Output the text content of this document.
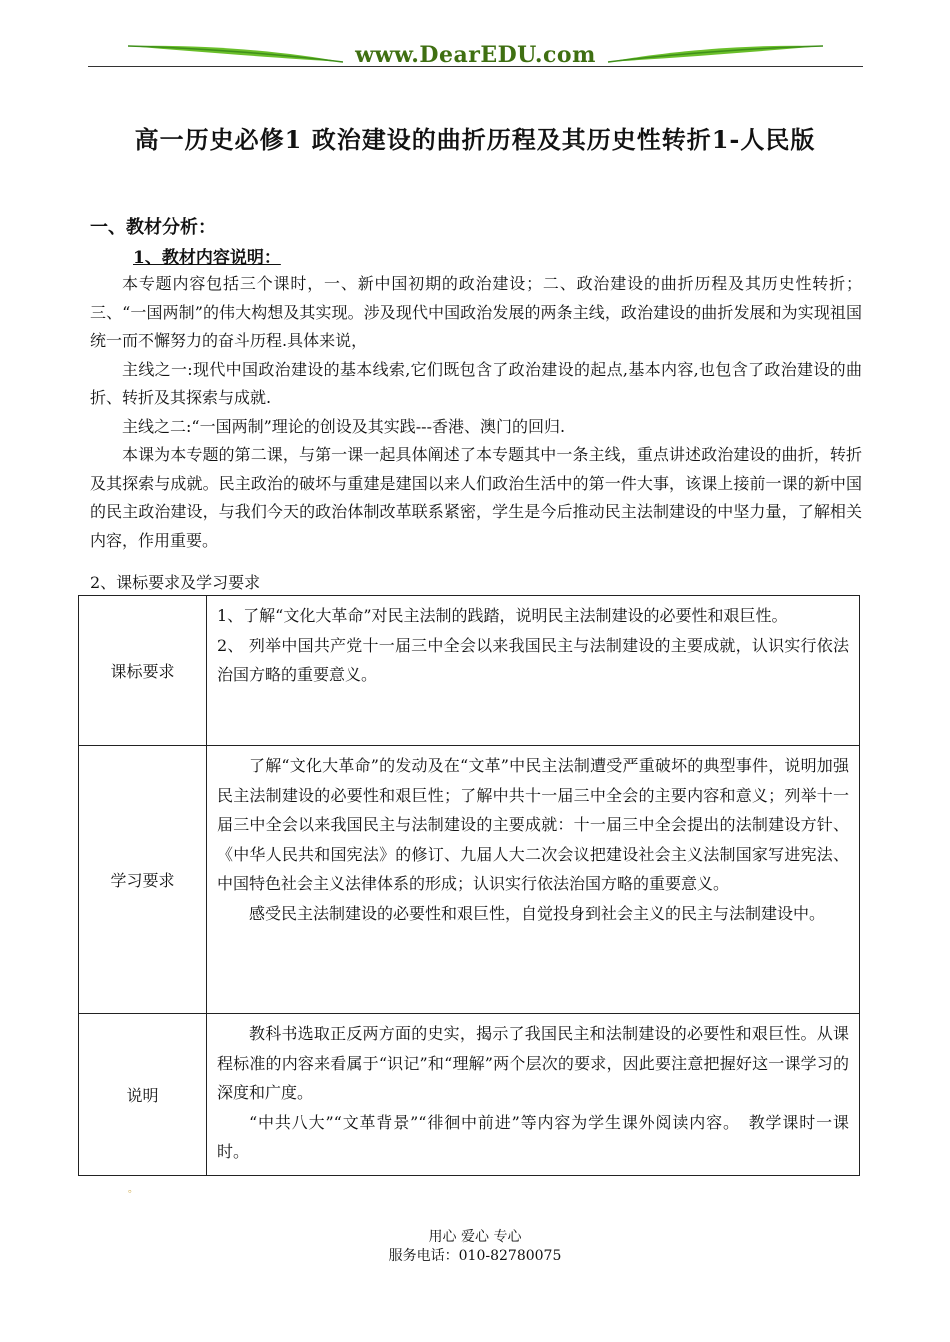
www.DearEDU.com
高一历史必修1 政治建设的曲折历程及其历史性转折1-人民版
一、教材分析：
1、教材内容说明：

本专题内容包括三个课时，一、新中国初期的政治建设；二、政治建设的曲折历程及其历史性转折；三、“一国两制”的伟大构想及其实现。涉及现代中国政治发展的两条主线，政治建设的曲折发展和为实现祖国统一而不懈努力的奋斗历程.具体来说，

主线之一:现代中国政治建设的基本线索,它们既包含了政治建设的起点,基本内容,也包含了政治建设的曲折、转折及其探索与成就.

主线之二:“一国两制”理论的创设及其实践---香港、澳门的回归.

本课为本专题的第二课，与第一课一起具体阐述了本专题其中一条主线，重点讲述政治建设的曲折，转折及其探索与成就。民主政治的破坏与重建是建国以来人们政治生活中的第一件大事，该课上接前一课的新中国的民主政治建设，与我们今天的政治体制改革联系紧密，学生是今后推动民主法制建设的中坚力量，了解相关内容，作用重要。

2、课标要求及学习要求
课标要求	1、了解“文化大革命”对民主法制的践踏，说明民主法制建设的必要性和艰巨性。

2、 列举中国共产党十一届三中全会以来我国民主与法制建设的主要成就，认识实行依法治国方略的重要意义。

学习要求	了解“文化大革命”的发动及在“文革”中民主法制遭受严重破坏的典型事件，说明加强民主法制建设的必要性和艰巨性；了解中共十一届三中全会的主要内容和意义；列举十一届三中全会以来我国民主与法制建设的主要成就：十一届三中全会提出的法制建设方针、《中华人民共和国宪法》的修订、九届人大二次会议把建设社会主义法制国家写进宪法、中国特色社会主义法律体系的形成；认识实行依法治国方略的重要意义。

感受民主法制建设的必要性和艰巨性，自觉投身到社会主义的民主与法制建设中。

说明	教科书选取正反两方面的史实，揭示了我国民主和法制建设的必要性和艰巨性。从课程标准的内容来看属于“识记”和“理解”两个层次的要求，因此要注意把握好这一课学习的深度和广度。

“中共八大”“文革背景”“徘徊中前进”等内容为学生课外阅读内容。　教学课时一课时。

。
用心 爱心 专心
服务电话：010-82780075
